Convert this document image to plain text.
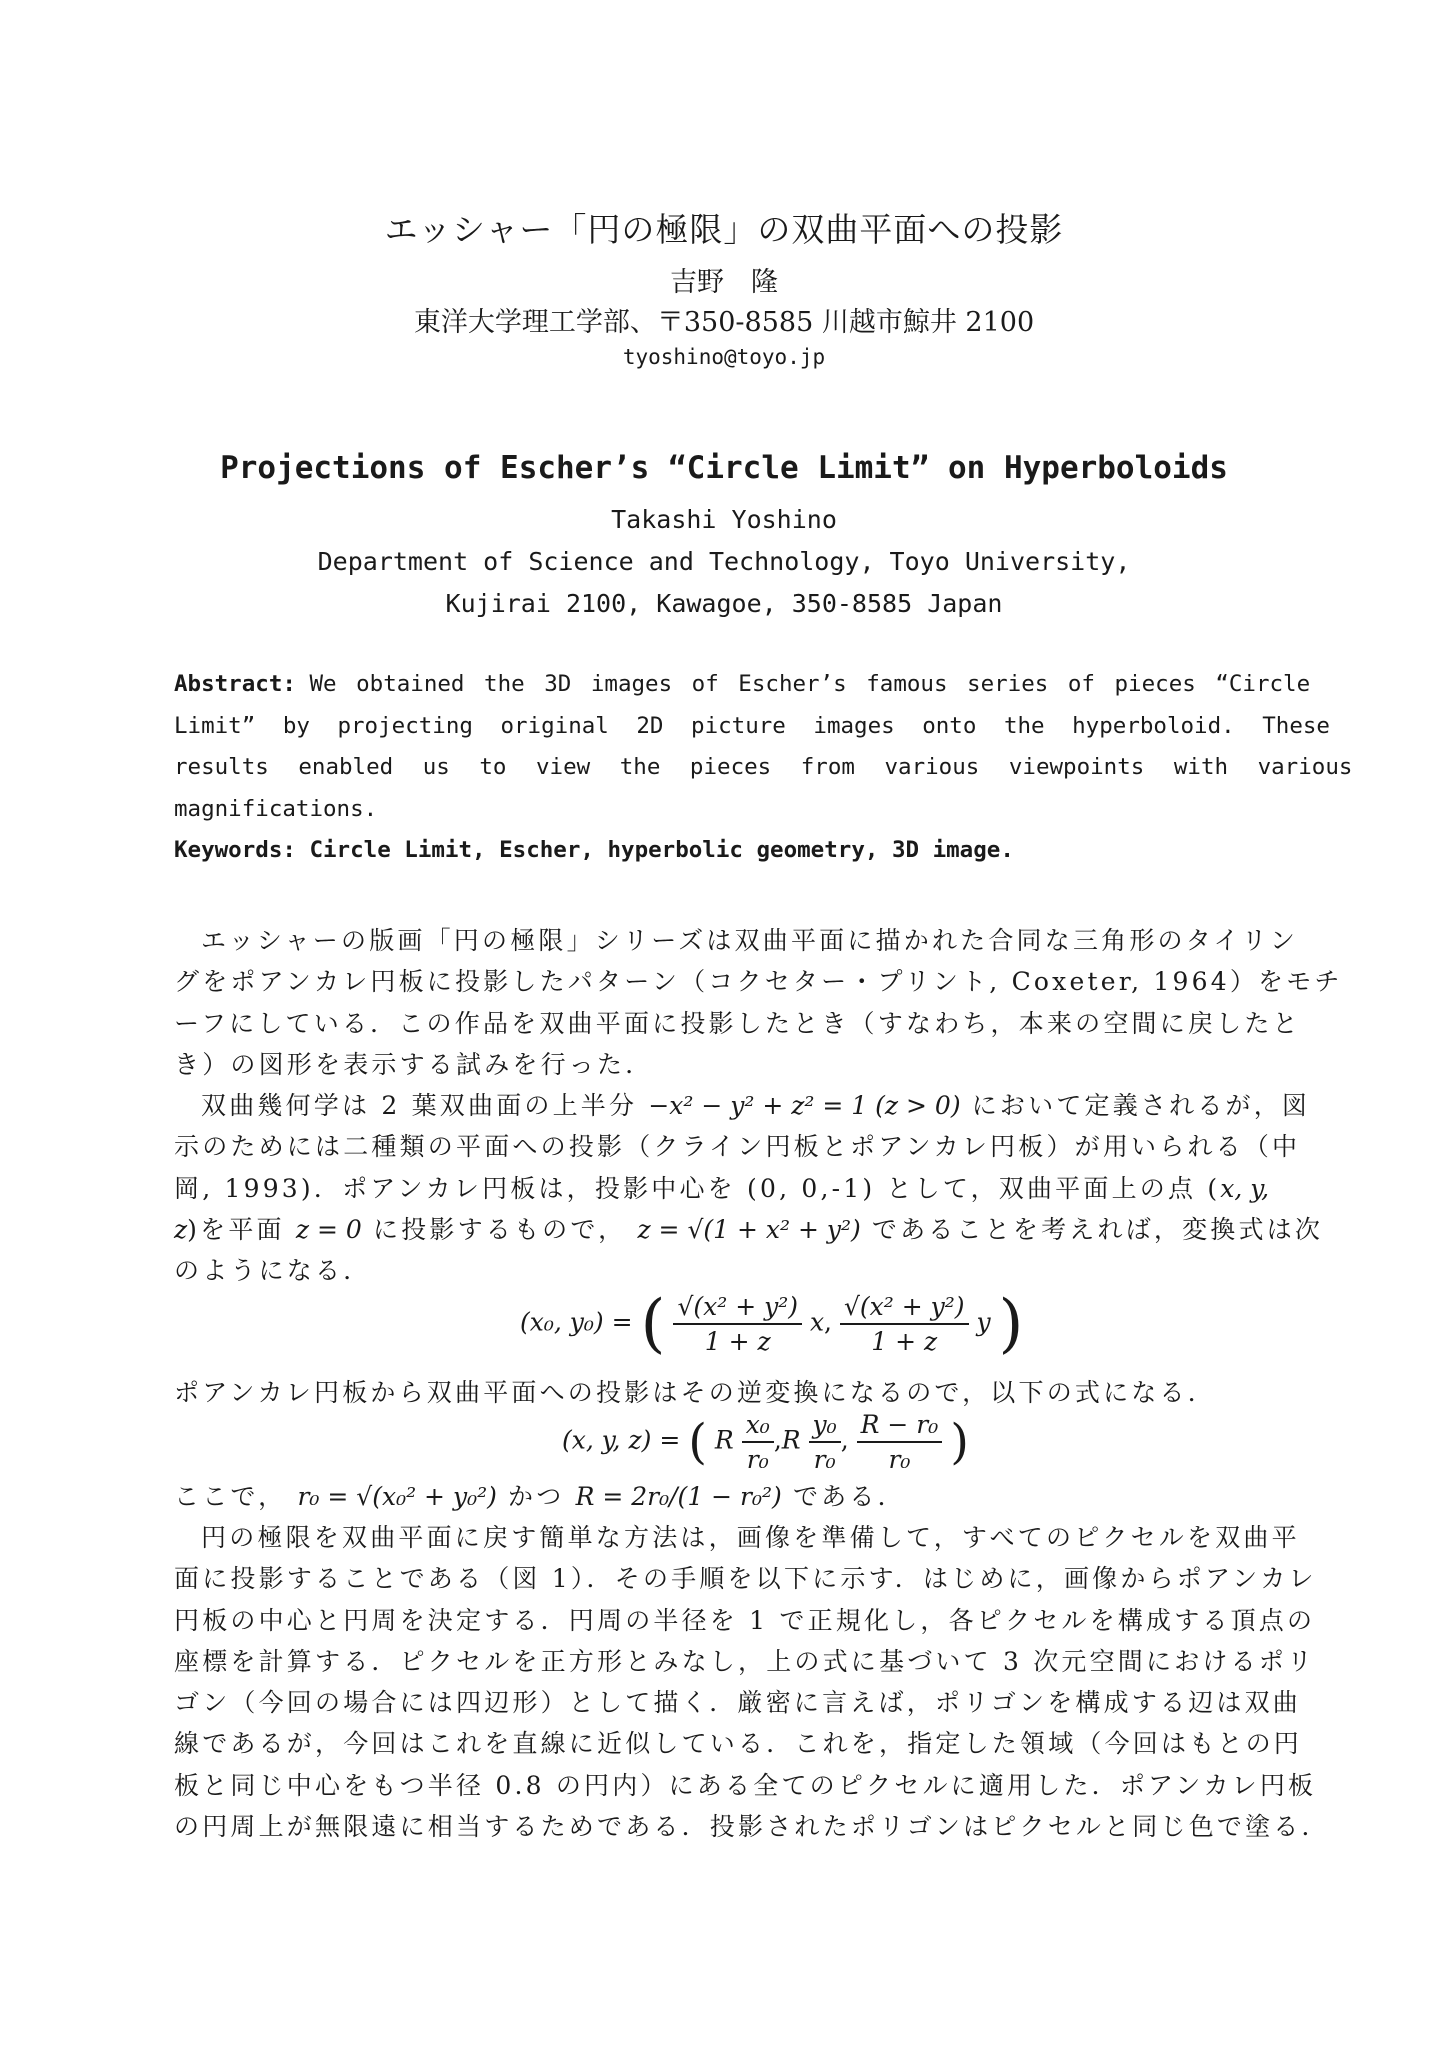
エッシャー「円の極限」の双曲平面への投影
吉野　隆
東洋大学理工学部、〒350-8585 川越市鯨井 2100
tyoshino@toyo.jp
Projections of Escher’s “Circle Limit” on Hyperboloids
Takashi Yoshino
Department of Science and Technology, Toyo University,
Kujirai 2100, Kawagoe, 350-8585 Japan
Abstract: We obtained the 3D images of Escher’s famous series of pieces “Circle
Limit” by projecting original 2D picture images onto the hyperboloid. These
results enabled us to view the pieces from various viewpoints with various
magnifications.
Keywords: Circle Limit, Escher, hyperbolic geometry, 3D image.
エッシャーの版画「円の極限」シリーズは双曲平面に描かれた合同な三角形のタイリン
グをポアンカレ円板に投影したパターン（コクセター・プリント, Coxeter, 1964）をモチ
ーフにしている．この作品を双曲平面に投影したとき（すなわち，本来の空間に戻したと
き）の図形を表示する試みを行った．
双曲幾何学は 2 葉双曲面の上半分 −x² − y² + z² = 1 (z > 0) において定義されるが，図
示のためには二種類の平面への投影（クライン円板とポアンカレ円板）が用いられる（中
岡, 1993)．ポアンカレ円板は，投影中心を (0, 0,-1) として，双曲平面上の点 (x, y,
z)を平面 z = 0 に投影するもので， z = √(1 + x² + y²) であることを考えれば，変換式は次
のようになる．
(x₀, y₀) = ( $\frac{\text{√(x² + y²)}}{1 + z} x$, $\frac{\text{√(x² + y²)}}{1 + z}$ y )
ポアンカレ円板から双曲平面への投影はその逆変換になるので，以下の式になる．
(x, y, z) = ( R $\frac{\text{x₀}}{\text{r₀}} ,R \frac{\text{y₀}}{\text{r₀}}$ , $\frac{\text{R − r₀}}{\text{r₀}}$ )
ここで， r₀ = √(x₀² + y₀²) かつ R = 2r₀/(1 − r₀²) である．
円の極限を双曲平面に戻す簡単な方法は，画像を準備して，すべてのピクセルを双曲平
面に投影することである（図 1）．その手順を以下に示す．はじめに，画像からポアンカレ
円板の中心と円周を決定する．円周の半径を 1 で正規化し，各ピクセルを構成する頂点の
座標を計算する．ピクセルを正方形とみなし，上の式に基づいて 3 次元空間におけるポリ
ゴン（今回の場合には四辺形）として描く．厳密に言えば，ポリゴンを構成する辺は双曲
線であるが，今回はこれを直線に近似している．これを，指定した領域（今回はもとの円
板と同じ中心をもつ半径 0.8 の円内）にある全てのピクセルに適用した．ポアンカレ円板
の円周上が無限遠に相当するためである．投影されたポリゴンはピクセルと同じ色で塗る．
